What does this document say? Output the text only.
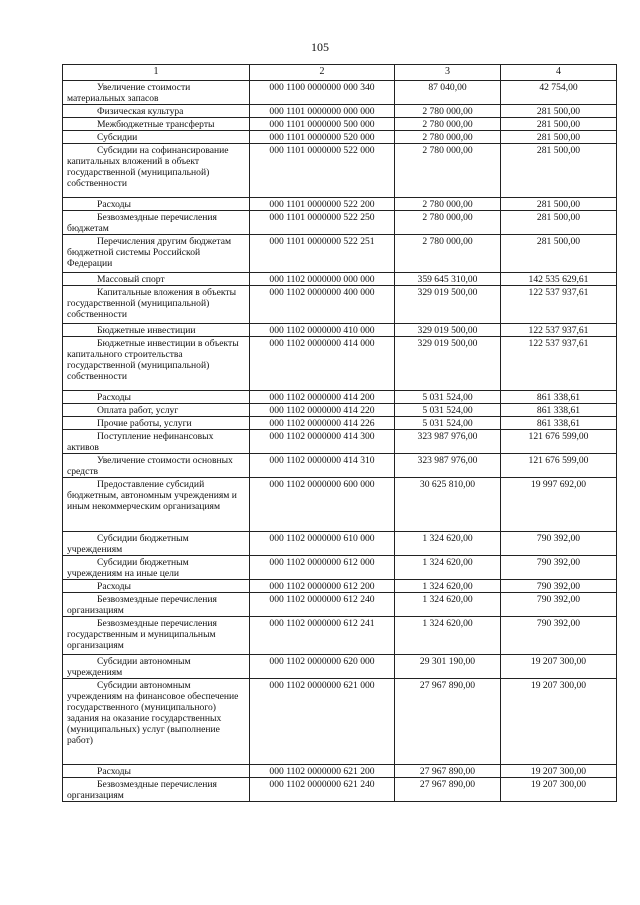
105
1	2	3	4

Увеличение стоимости материальных запасов	000 1100 0000000 000 340	87 040,00	42 754,00

Физическая культура	000 1101 0000000 000 000	2 780 000,00	281 500,00

Межбюджетные трансферты	000 1101 0000000 500 000	2 780 000,00	281 500,00

Субсидии	000 1101 0000000 520 000	2 780 000,00	281 500,00

Субсидии на софинансирование капитальных вложений в объект государственной (муниципальной) собственности	000 1101 0000000 522 000	2 780 000,00	281 500,00

Расходы	000 1101 0000000 522 200	2 780 000,00	281 500,00

Безвозмездные перечисления бюджетам	000 1101 0000000 522 250	2 780 000,00	281 500,00

Перечисления другим бюджетам бюджетной системы Российской Федерации	000 1101 0000000 522 251	2 780 000,00	281 500,00

Массовый спорт	000 1102 0000000 000 000	359 645 310,00	142 535 629,61

Капитальные вложения в объекты государственной (муниципальной) собственности	000 1102 0000000 400 000	329 019 500,00	122 537 937,61

Бюджетные инвестиции	000 1102 0000000 410 000	329 019 500,00	122 537 937,61

Бюджетные инвестиции в объекты капитального строительства государственной (муниципальной) собственности	000 1102 0000000 414 000	329 019 500,00	122 537 937,61

Расходы	000 1102 0000000 414 200	5 031 524,00	861 338,61

Оплата работ, услуг	000 1102 0000000 414 220	5 031 524,00	861 338,61

Прочие работы, услуги	000 1102 0000000 414 226	5 031 524,00	861 338,61

Поступление нефинансовых активов	000 1102 0000000 414 300	323 987 976,00	121 676 599,00

Увеличение стоимости основных средств	000 1102 0000000 414 310	323 987 976,00	121 676 599,00

Предоставление субсидий бюджетным, автономным учреждениям и иным некоммерческим организациям	000 1102 0000000 600 000	30 625 810,00	19 997 692,00

Субсидии бюджетным учреждениям	000 1102 0000000 610 000	1 324 620,00	790 392,00

Субсидии бюджетным учреждениям на иные цели	000 1102 0000000 612 000	1 324 620,00	790 392,00

Расходы	000 1102 0000000 612 200	1 324 620,00	790 392,00

Безвозмездные перечисления организациям	000 1102 0000000 612 240	1 324 620,00	790 392,00

Безвозмездные перечисления государственным и муниципальным организациям	000 1102 0000000 612 241	1 324 620,00	790 392,00

Субсидии автономным учреждениям	000 1102 0000000 620 000	29 301 190,00	19 207 300,00

Субсидии автономным учреждениям на финансовое обеспечение государственного (муниципального) задания на оказание государственных (муниципальных) услуг (выполнение работ)	000 1102 0000000 621 000	27 967 890,00	19 207 300,00

Расходы	000 1102 0000000 621 200	27 967 890,00	19 207 300,00

Безвозмездные перечисления организациям	000 1102 0000000 621 240	27 967 890,00	19 207 300,00
